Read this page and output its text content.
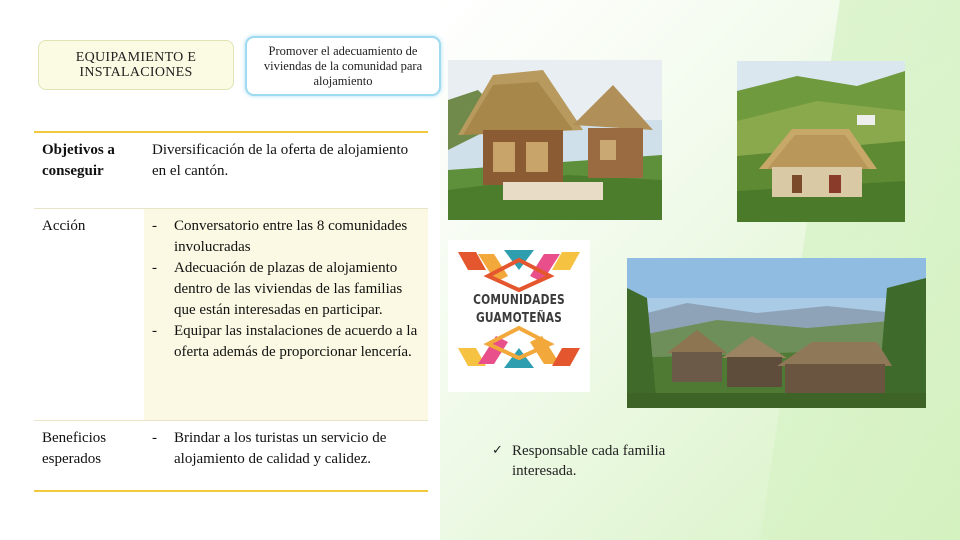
EQUIPAMIENTO E INSTALACIONES
Promover el adecuamiento de viviendas de la comunidad para alojamiento
Objetivos a conseguir
Diversificación de la oferta de alojamiento en el cantón.
Acción	- Conversatorio entre las 8 comunidades involucradas
- Adecuación de plazas de alojamiento dentro de las viviendas de las familias que están interesadas en participar.
- Equipar las instalaciones de acuerdo a la oferta además de proporcionar lencería.
Beneficios esperados
- Brindar a los turistas un servicio de alojamiento de calidad y calidez.
COMUNIDADES
GUAMOTEÑAS
✓ Responsable cada familia interesada.
